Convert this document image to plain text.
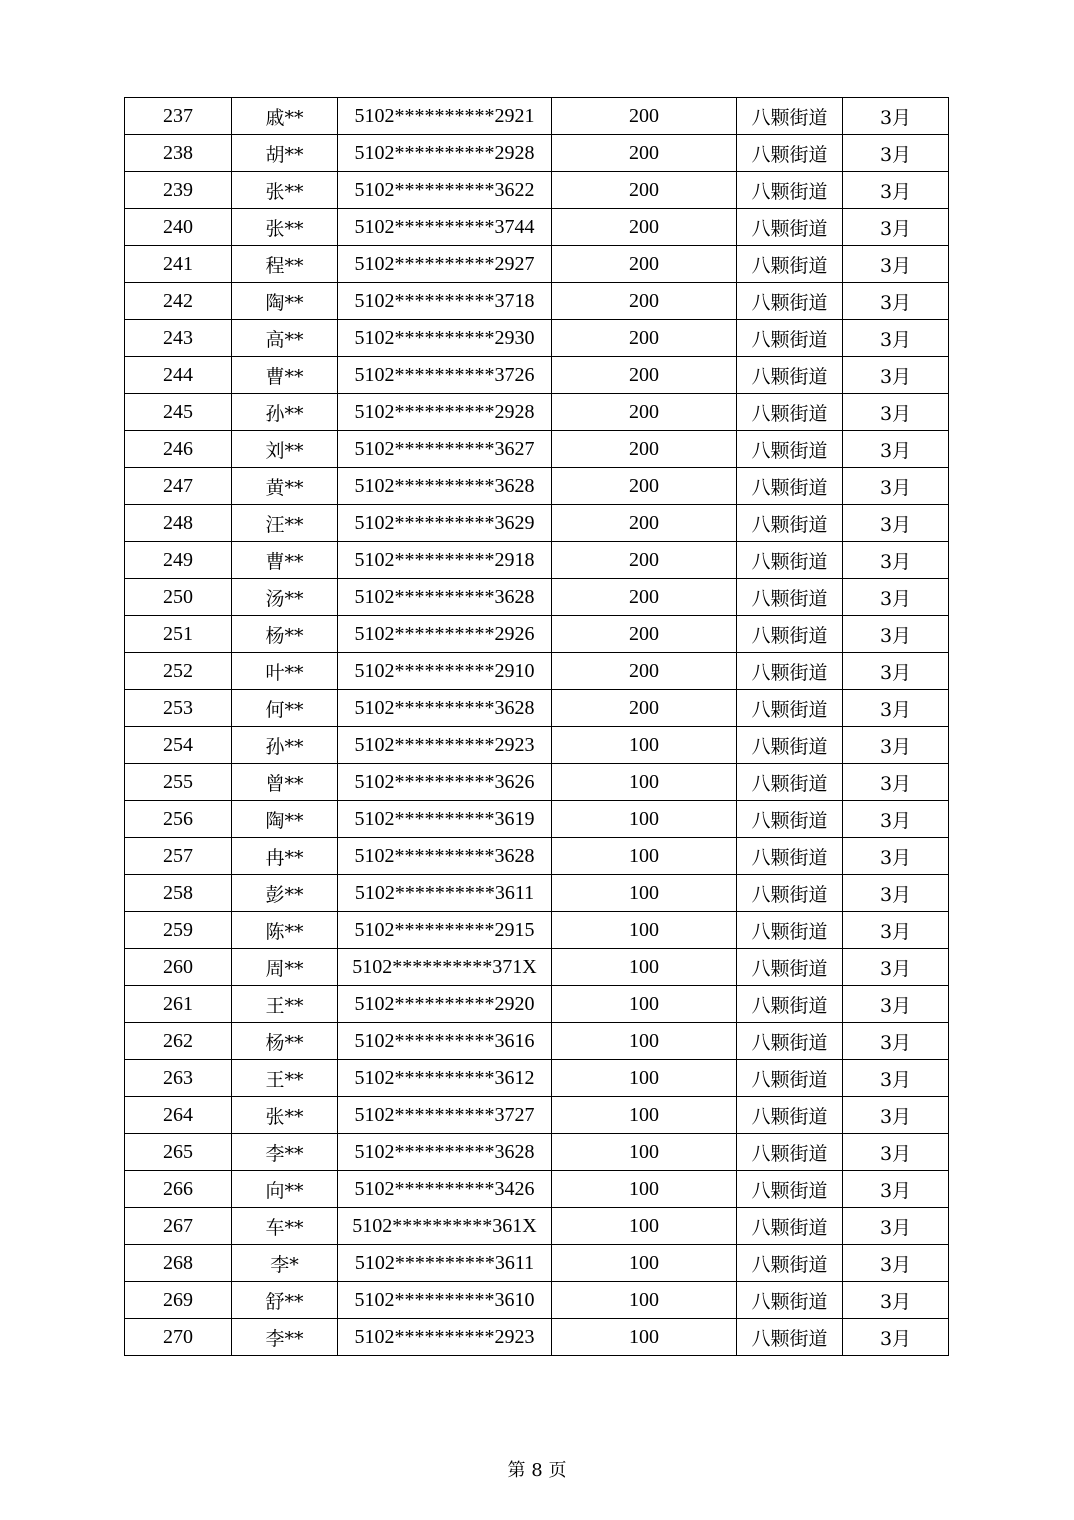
237	戚**	5102**********2921	200	八颗街道	3月
238	胡**	5102**********2928	200	八颗街道	3月
239	张**	5102**********3622	200	八颗街道	3月
240	张**	5102**********3744	200	八颗街道	3月
241	程**	5102**********2927	200	八颗街道	3月
242	陶**	5102**********3718	200	八颗街道	3月
243	高**	5102**********2930	200	八颗街道	3月
244	曹**	5102**********3726	200	八颗街道	3月
245	孙**	5102**********2928	200	八颗街道	3月
246	刘**	5102**********3627	200	八颗街道	3月
247	黄**	5102**********3628	200	八颗街道	3月
248	汪**	5102**********3629	200	八颗街道	3月
249	曹**	5102**********2918	200	八颗街道	3月
250	汤**	5102**********3628	200	八颗街道	3月
251	杨**	5102**********2926	200	八颗街道	3月
252	叶**	5102**********2910	200	八颗街道	3月
253	何**	5102**********3628	200	八颗街道	3月
254	孙**	5102**********2923	100	八颗街道	3月
255	曾**	5102**********3626	100	八颗街道	3月
256	陶**	5102**********3619	100	八颗街道	3月
257	冉**	5102**********3628	100	八颗街道	3月
258	彭**	5102**********3611	100	八颗街道	3月
259	陈**	5102**********2915	100	八颗街道	3月
260	周**	5102**********371X	100	八颗街道	3月
261	王**	5102**********2920	100	八颗街道	3月
262	杨**	5102**********3616	100	八颗街道	3月
263	王**	5102**********3612	100	八颗街道	3月
264	张**	5102**********3727	100	八颗街道	3月
265	李**	5102**********3628	100	八颗街道	3月
266	向**	5102**********3426	100	八颗街道	3月
267	车**	5102**********361X	100	八颗街道	3月
268	李*	5102**********3611	100	八颗街道	3月
269	舒**	5102**********3610	100	八颗街道	3月
270	李**	5102**********2923	100	八颗街道	3月
第 8 页
